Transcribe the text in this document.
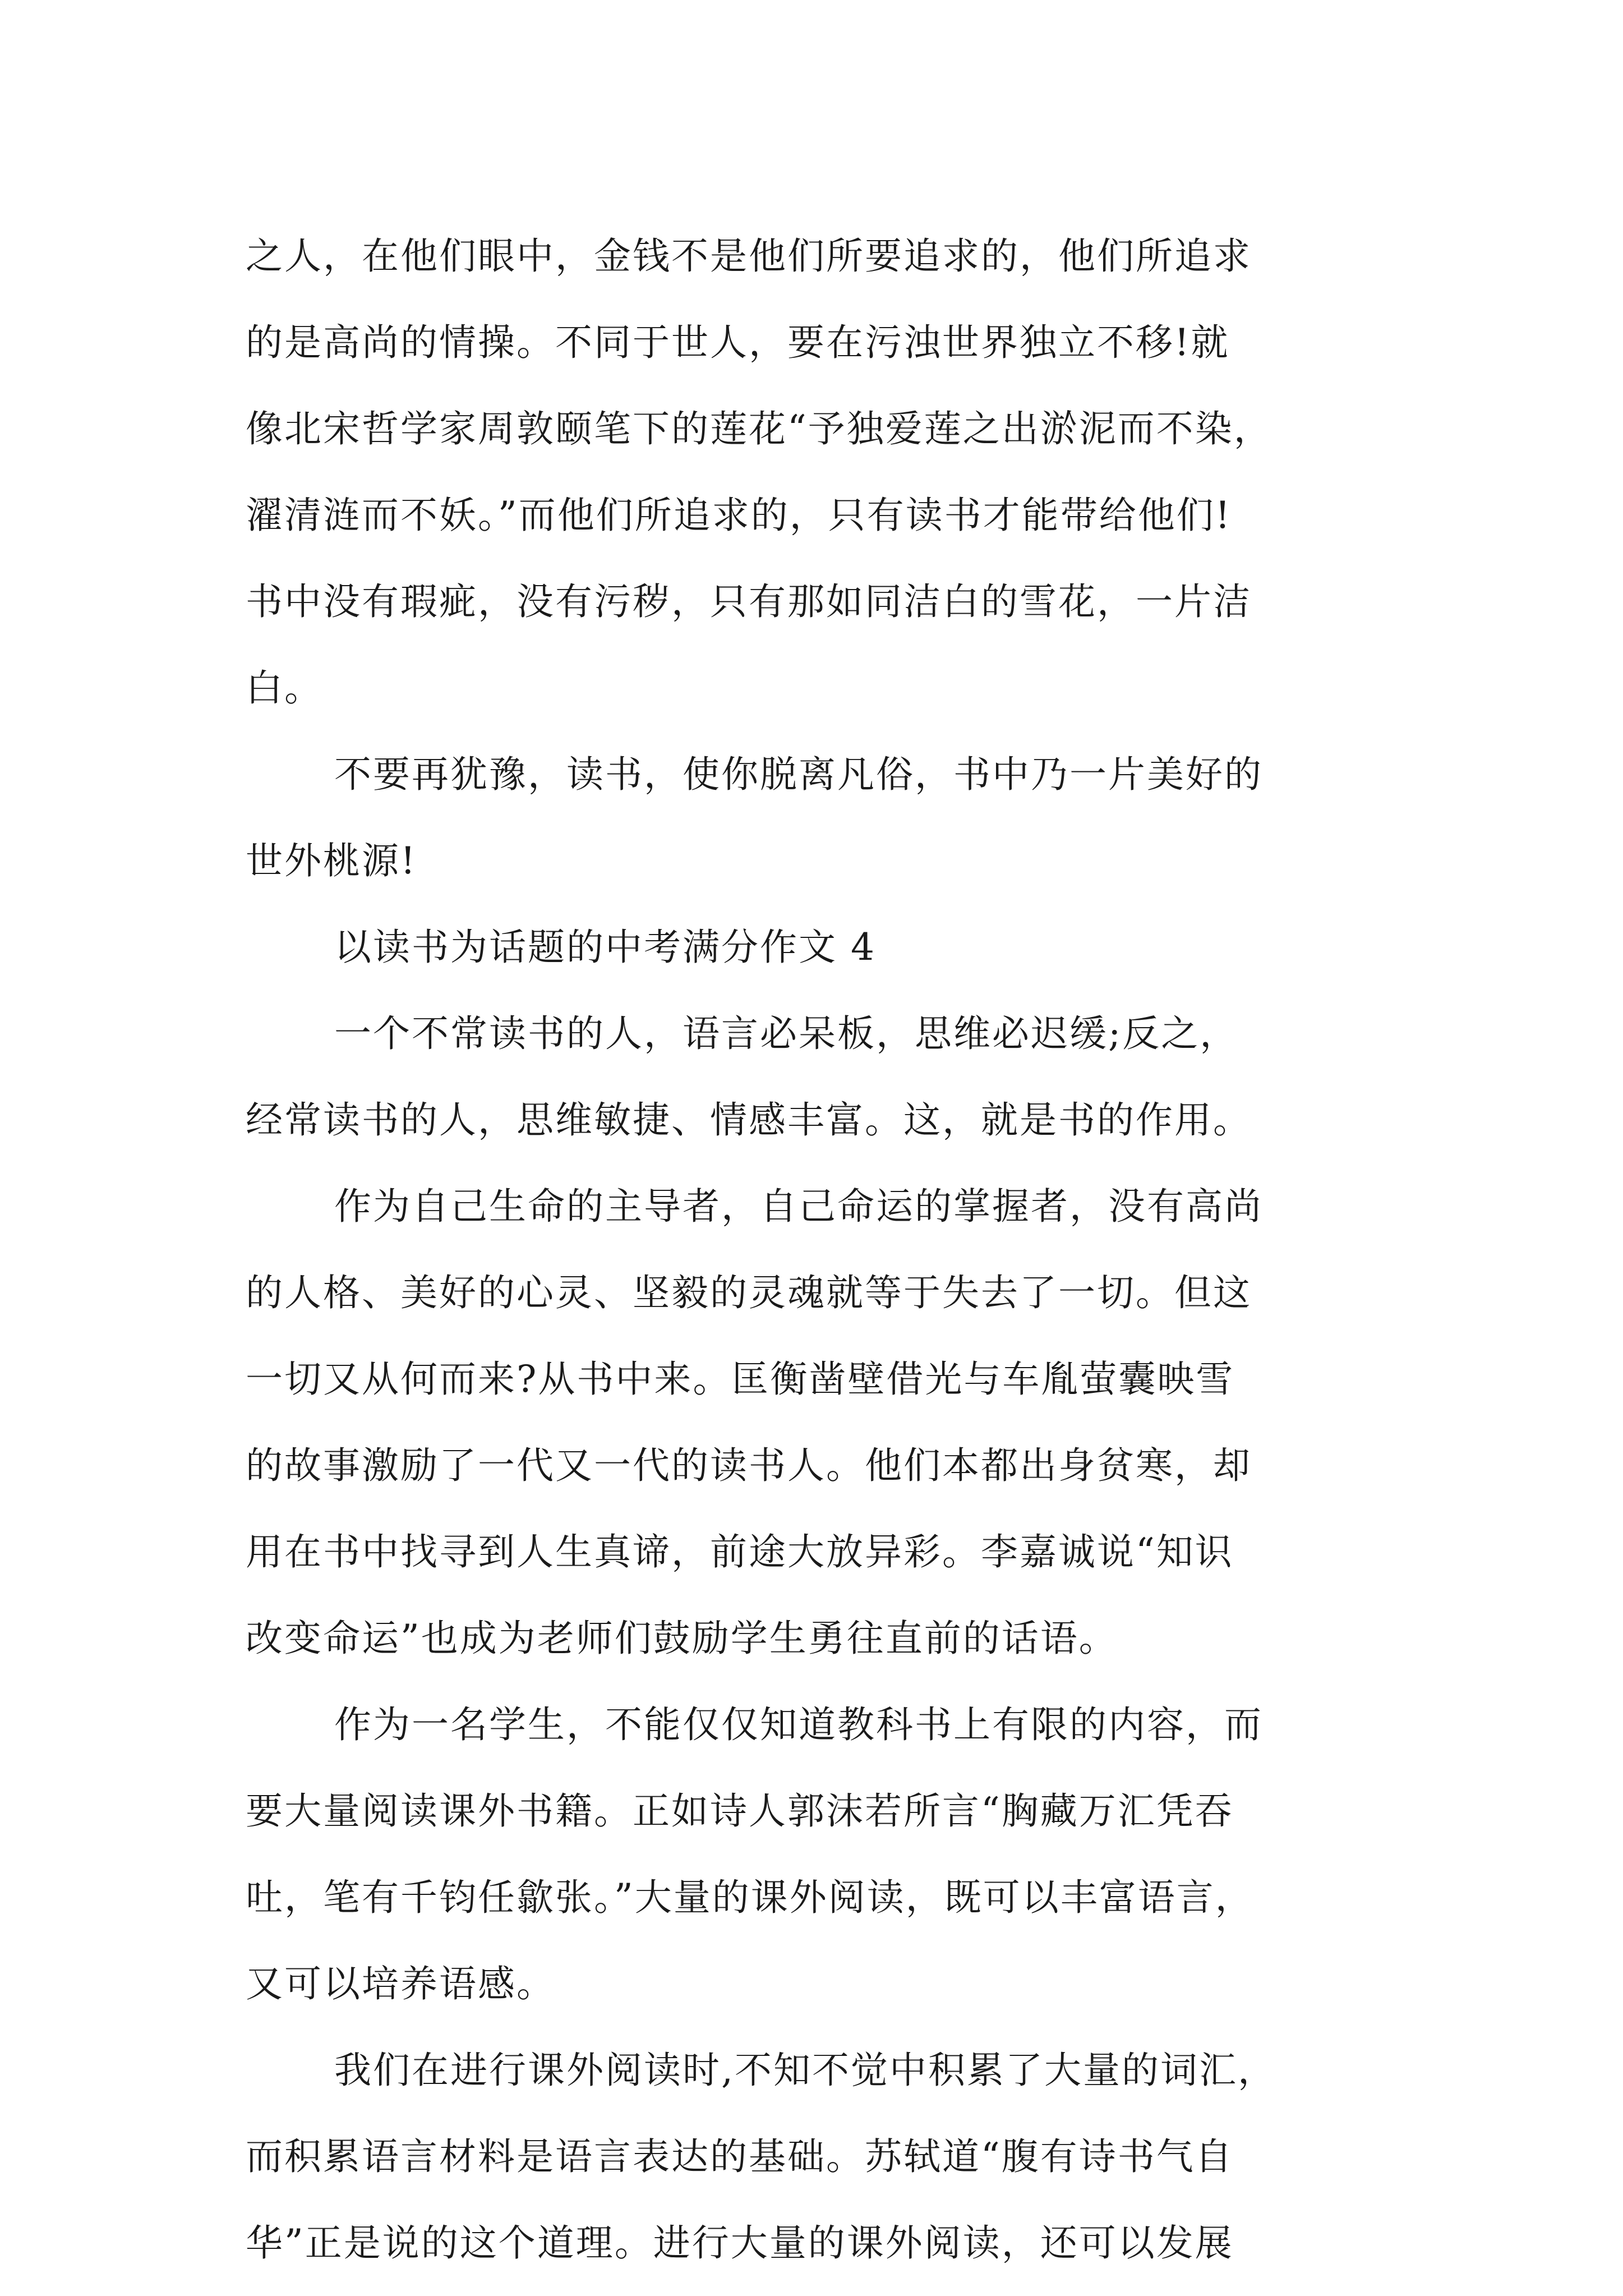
之人，在他们眼中，金钱不是他们所要追求的，他们所追求
的是高尚的情操。不同于世人，要在污浊世界独立不移!就
像北宋哲学家周敦颐笔下的莲花“予独爱莲之出淤泥而不染，
濯清涟而不妖。”而他们所追求的，只有读书才能带给他们!
书中没有瑕疵，没有污秽，只有那如同洁白的雪花，一片洁
白。
不要再犹豫，读书，使你脱离凡俗，书中乃一片美好的
世外桃源!
以读书为话题的中考满分作文 4
一个不常读书的人，语言必呆板，思维必迟缓;反之，
经常读书的人，思维敏捷、情感丰富。这，就是书的作用。
作为自己生命的主导者，自己命运的掌握者，没有高尚
的人格、美好的心灵、坚毅的灵魂就等于失去了一切。但这
一切又从何而来?从书中来。匡衡凿壁借光与车胤萤囊映雪
的故事激励了一代又一代的读书人。他们本都出身贫寒，却
用在书中找寻到人生真谛，前途大放异彩。李嘉诚说“知识
改变命运”也成为老师们鼓励学生勇往直前的话语。
作为一名学生，不能仅仅知道教科书上有限的内容，而
要大量阅读课外书籍。正如诗人郭沫若所言“胸藏万汇凭吞
吐，笔有千钧任歙张。”大量的课外阅读，既可以丰富语言，
又可以培养语感。
我们在进行课外阅读时,不知不觉中积累了大量的词汇，
而积累语言材料是语言表达的基础。苏轼道“腹有诗书气自
华”正是说的这个道理。进行大量的课外阅读，还可以发展
